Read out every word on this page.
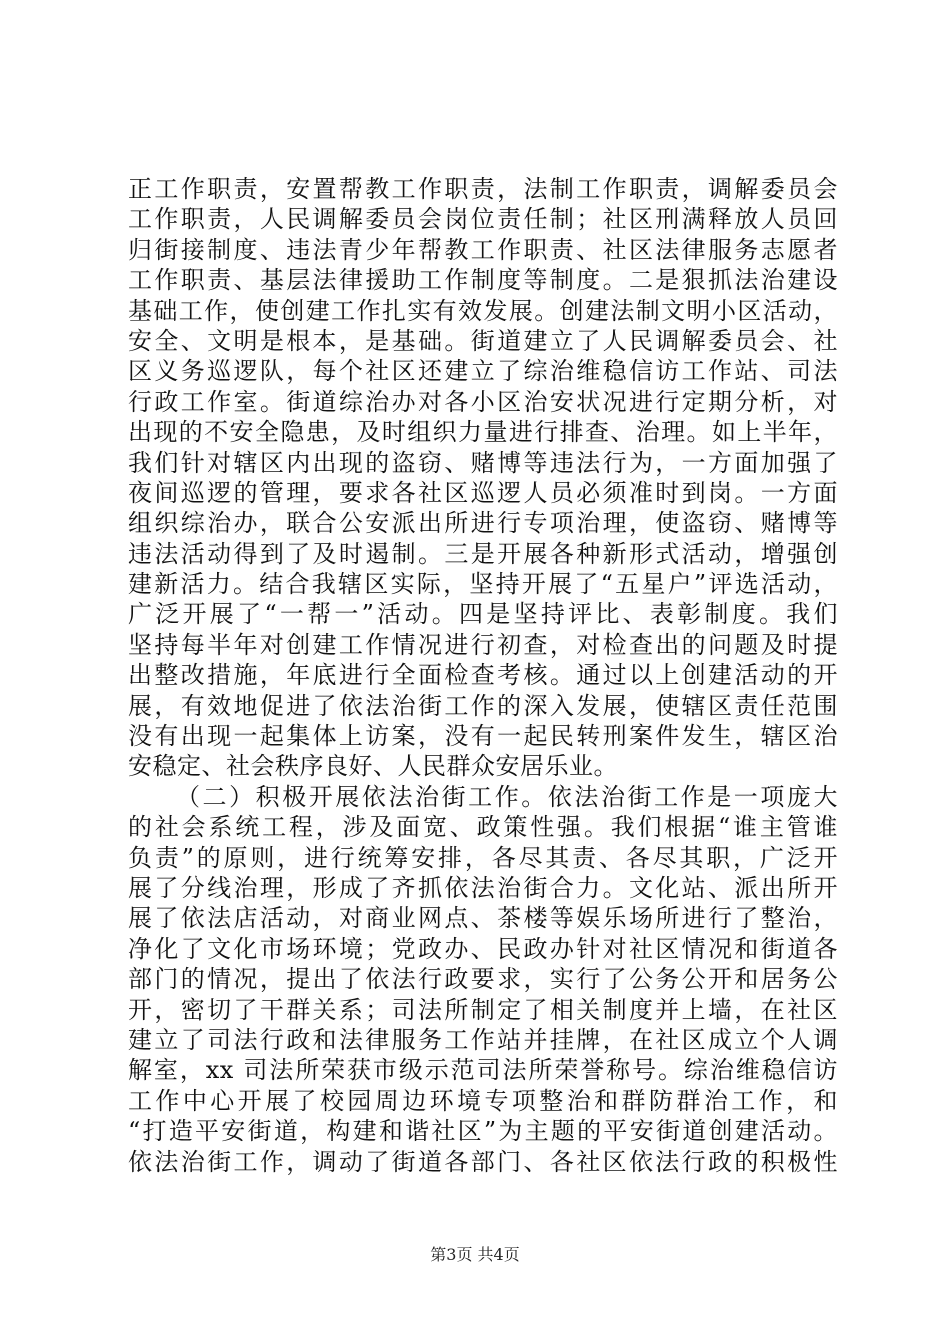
正工作职责，安置帮教工作职责，法制工作职责，调解委员会
工作职责，人民调解委员会岗位责任制；社区刑满释放人员回
归街接制度、违法青少年帮教工作职责、社区法律服务志愿者
工作职责、基层法律援助工作制度等制度。二是狠抓法治建设
基础工作，使创建工作扎实有效发展。创建法制文明小区活动，
安全、文明是根本，是基础。街道建立了人民调解委员会、社
区义务巡逻队，每个社区还建立了综治维稳信访工作站、司法
行政工作室。街道综治办对各小区治安状况进行定期分析，对
出现的不安全隐患，及时组织力量进行排查、治理。如上半年，
我们针对辖区内出现的盗窃、赌博等违法行为，一方面加强了
夜间巡逻的管理，要求各社区巡逻人员必须准时到岗。一方面
组织综治办，联合公安派出所进行专项治理，使盗窃、赌博等
违法活动得到了及时遏制。三是开展各种新形式活动，增强创
建新活力。结合我辖区实际，坚持开展了“五星户”评选活动，
广泛开展了“一帮一”活动。四是坚持评比、表彰制度。我们
坚持每半年对创建工作情况进行初查，对检查出的问题及时提
出整改措施，年底进行全面检查考核。通过以上创建活动的开
展，有效地促进了依法治街工作的深入发展，使辖区责任范围
没有出现一起集体上访案，没有一起民转刑案件发生，辖区治
安稳定、社会秩序良好、人民群众安居乐业。
（二）积极开展依法治街工作。依法治街工作是一项庞大
的社会系统工程，涉及面宽、政策性强。我们根据“谁主管谁
负责”的原则，进行统筹安排，各尽其责、各尽其职，广泛开
展了分线治理，形成了齐抓依法治街合力。文化站、派出所开
展了依法店活动，对商业网点、茶楼等娱乐场所进行了整治，
净化了文化市场环境；党政办、民政办针对社区情况和街道各
部门的情况，提出了依法行政要求，实行了公务公开和居务公
开，密切了干群关系；司法所制定了相关制度并上墙，在社区
建立了司法行政和法律服务工作站并挂牌，在社区成立个人调
解室，xx 司法所荣获市级示范司法所荣誉称号。综治维稳信访
工作中心开展了校园周边环境专项整治和群防群治工作，和
“打造平安街道，构建和谐社区”为主题的平安街道创建活动。
依法治街工作，调动了街道各部门、各社区依法行政的积极性
第3页 共4页
